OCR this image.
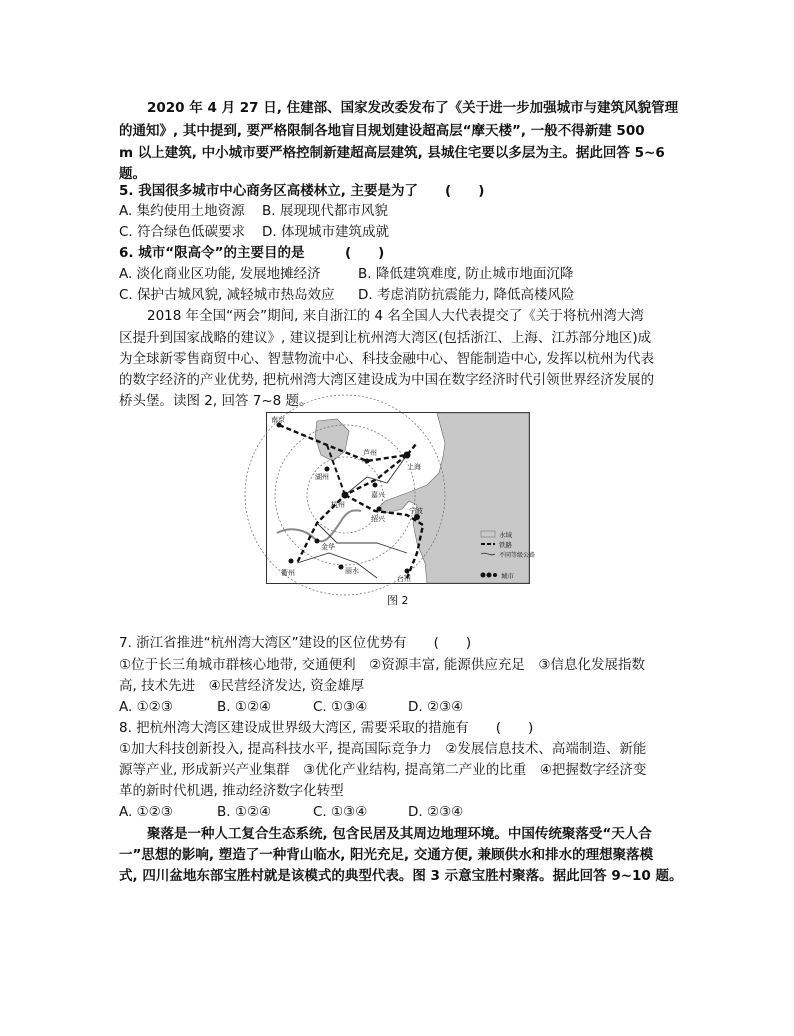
2020 年 4 月 27 日, 住建部、国家发改委发布了《关于进一步加强城市与建筑风貌管理
的通知》, 其中提到, 要严格限制各地盲目规划建设超高层“摩天楼”, 一般不得新建 500
m 以上建筑, 中小城市要严格控制新建超高层建筑, 县城住宅要以多层为主。据此回答 5~6
题。
5. 我国很多城市中心商务区高楼林立, 主要是为了　　(　　)
A. 集约使用土地资源 B. 展现现代都市风貌
C. 符合绿色低碳要求 D. 体现城市建筑成就
6. 城市“限高令”的主要目的是　　　(　　)
A. 淡化商业区功能, 发展地摊经济	B. 降低建筑难度, 防止城市地面沉降
C. 保护古城风貌, 减轻城市热岛效应 D. 考虑消防抗震能力, 降低高楼风险
2018 年全国“两会”期间, 来自浙江的 4 名全国人大代表提交了《关于将杭州湾大湾
区提升到国家战略的建议》, 建议提到让杭州湾大湾区(包括浙江、上海、江苏部分地区)成
为全球新零售商贸中心、智慧物流中心、科技金融中心、智能制造中心, 发挥以杭州为代表
的数字经济的产业优势, 把杭州湾大湾区建设成为中国在数字经济时代引领世界经济发展的
桥头堡。读图 2, 回答 7~8 题。
南京
芦州
上海
湖州
杭州
嘉兴
绍兴
宁波
金华
衢州	丽水
台州
水域
铁路
不同等级公路
城市
图 2
7. 浙江省推进“杭州湾大湾区”建设的区位优势有　　(　　)
①位于长三角城市群核心地带, 交通便利　②资源丰富, 能源供应充足　③信息化发展指数
高, 技术先进　④民营经济发达, 资金雄厚
A. ①②③	B. ①②④	C. ①③④	D. ②③④
8. 把杭州湾大湾区建设成世界级大湾区, 需要采取的措施有　　(　　)
①加大科技创新投入, 提高科技水平, 提高国际竞争力　②发展信息技术、高端制造、新能
源等产业, 形成新兴产业集群　③优化产业结构, 提高第二产业的比重　④把握数字经济变
革的新时代机遇, 推动经济数字化转型
A. ①②③	B. ①②④	C. ①③④	D. ②③④
聚落是一种人工复合生态系统, 包含民居及其周边地理环境。中国传统聚落受“天人合
一”思想的影响, 塑造了一种背山临水, 阳光充足, 交通方便, 兼顾供水和排水的理想聚落模
式, 四川盆地东部宝胜村就是该模式的典型代表。图 3 示意宝胜村聚落。据此回答 9~10 题。
